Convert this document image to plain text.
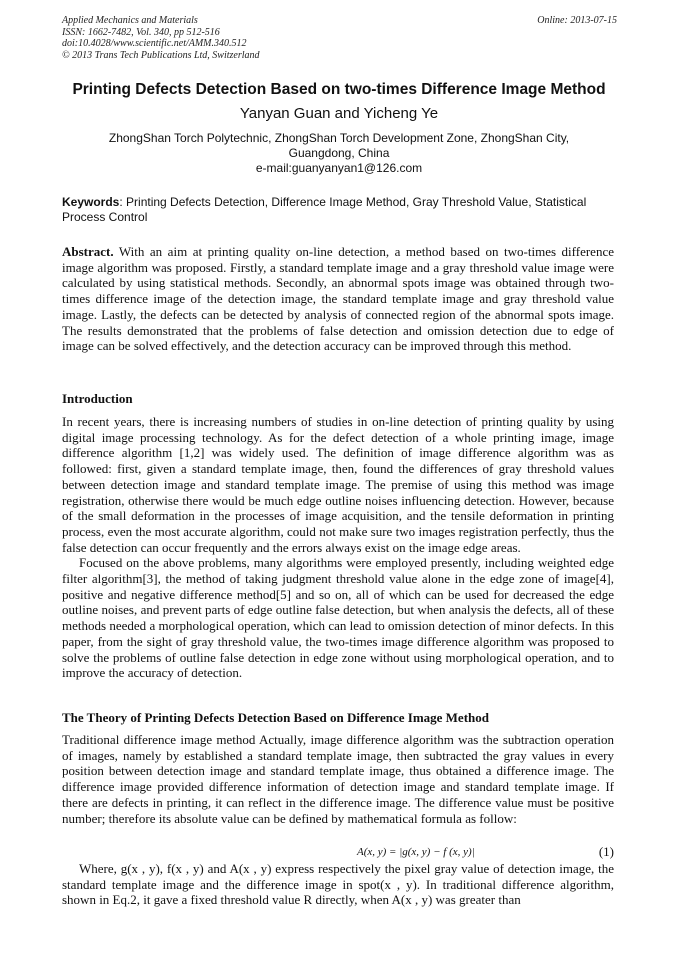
Applied Mechanics and Materials
ISSN: 1662-7482, Vol. 340, pp 512-516
doi:10.4028/www.scientific.net/AMM.340.512
© 2013 Trans Tech Publications Ltd, Switzerland
Online: 2013-07-15
Printing Defects Detection Based on two-times Difference Image Method
Yanyan Guan and Yicheng Ye
ZhongShan Torch Polytechnic, ZhongShan Torch Development Zone, ZhongShan City,
Guangdong, China
e-mail:guanyanyan1@126.com
Keywords: Printing Defects Detection, Difference Image Method, Gray Threshold Value, Statistical Process Control

Abstract. With an aim at printing quality on-line detection, a method based on two-times difference image algorithm was proposed. Firstly, a standard template image and a gray threshold value image were calculated by using statistical methods. Secondly, an abnormal spots image was obtained through two-times difference image of the detection image, the standard template image and gray threshold value image. Lastly, the defects can be detected by analysis of connected region of the abnormal spots image. The results demonstrated that the problems of false detection and omission detection due to edge of image can be solved effectively, and the detection accuracy can be improved through this method.

Introduction

In recent years, there is increasing numbers of studies in on-line detection of printing quality by using digital image processing technology. As for the defect detection of a whole printing image, image difference algorithm [1,2] was widely used. The definition of image difference algorithm was as followed: first, given a standard template image, then, found the differences of gray threshold values between detection image and standard template image. The premise of using this method was image registration, otherwise there would be much edge outline noises influencing detection. However, because of the small deformation in the processes of image acquisition, and the tensile deformation in printing process, even the most accurate algorithm, could not make sure two images registration perfectly, thus the false detection can occur frequently and the errors always exist on the image edge areas.

Focused on the above problems, many algorithms were employed presently, including weighted edge filter algorithm[3], the method of taking judgment threshold value alone in the edge zone of image[4], positive and negative difference method[5] and so on, all of which can be used for decreased the edge outline noises, and prevent parts of edge outline false detection, but when analysis the defects, all of these methods needed a morphological operation, which can lead to omission detection of minor defects. In this paper, from the sight of gray threshold value, the two-times image difference algorithm was proposed to solve the problems of outline false detection in edge zone without using morphological operation, and to improve the accuracy of detection.

The Theory of Printing Defects Detection Based on Difference Image Method

Traditional difference image method Actually, image difference algorithm was the subtraction operation of images, namely by established a standard template image, then subtracted the gray values in every position between detection image and standard template image, thus obtained a difference image. The difference image provided difference information of detection image and standard template image. If there are defects in printing, it can reflect in the difference image. The difference value must be positive number; therefore its absolute value can be defined by mathematical formula as follow:

A(x, y) = |g(x, y) − f (x, y)|	(1)

Where, g(x , y), f(x , y) and A(x , y) express respectively the pixel gray value of detection image, the standard template image and the difference image in spot(x , y). In traditional difference algorithm, shown in Eq.2, it gave a fixed threshold value R directly, when A(x , y) was greater than
